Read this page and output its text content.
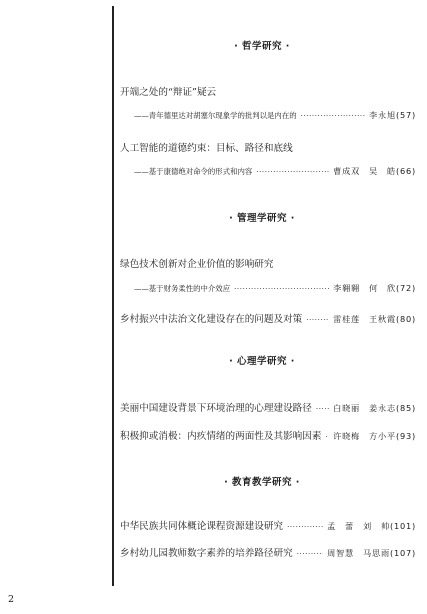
· 哲学研究 ·
开端之处的“辩证”疑云
——青年德里达对胡塞尔现象学的批判以是内在的 ·····	李永旭(57)
人工智能的道德约束：目标、路径和底线
——基于康德绝对命令的形式和内容 ·····	曹成双　吴　皓(66)
· 管理学研究 ·
绿色技术创新对企业价值的影响研究
——基于财务柔性的中介效应 ·····	李翱翱　何　欣(72)
乡村振兴中法治文化建设存在的问题及对策 ·····	雷桂莲　王秋霞(80)
· 心理学研究 ·
美丽中国建设背景下环境治理的心理建设路径 ·····	白晓丽　姜永志(85)
积极抑或消极：内疚情绪的两面性及其影响因素 ····· 许晓梅　方小平(93)
· 教育教学研究 ·
中华民族共同体概论课程资源建设研究 ·····	孟　蕾　刘　帅(101)
乡村幼儿园教师数字素养的培养路径研究 ·····	周智慧　马思雨(107)
2
